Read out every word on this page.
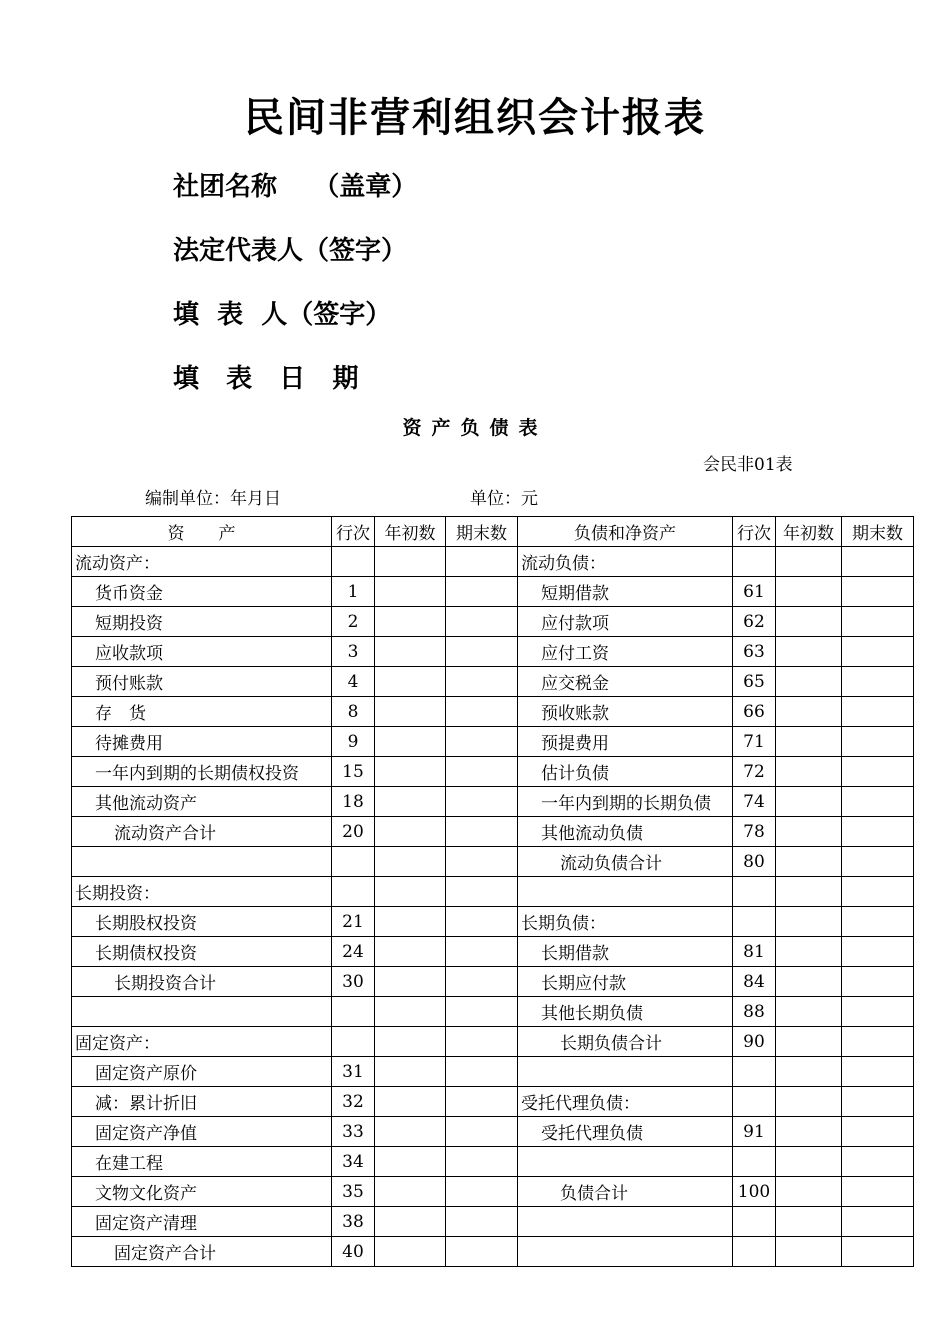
民间非营利组织会计报表
社团名称    （盖章）
法定代表人（签字）
填  表  人（签字）
填   表   日   期
资产负债表
会民非01表
编制单位：年月日	单位：元
资　　产	行次	年初数	期末数	负债和净资产	行次	年初数	期末数
流动资产：				流动负债：			
货币资金	1			短期借款	61		
短期投资	2			应付款项	62		
应收款项	3			应付工资	63		
预付账款	4			应交税金	65		
存　货	8			预收账款	66		
待摊费用	9			预提费用	71		
一年内到期的长期债权投资	15			估计负债	72		
其他流动资产	18			一年内到期的长期负债	74		
流动资产合计	20			其他流动负债	78		
				流动负债合计	80		
长期投资：							
长期股权投资	21			长期负债：			
长期债权投资	24			长期借款	81		
长期投资合计	30			长期应付款	84		
				其他长期负债	88		
固定资产：				长期负债合计	90		
固定资产原价	31						
减：累计折旧	32			受托代理负债：			
固定资产净值	33			受托代理负债	91		
在建工程	34						
文物文化资产	35			负债合计	100		
固定资产清理	38						
固定资产合计	40						
